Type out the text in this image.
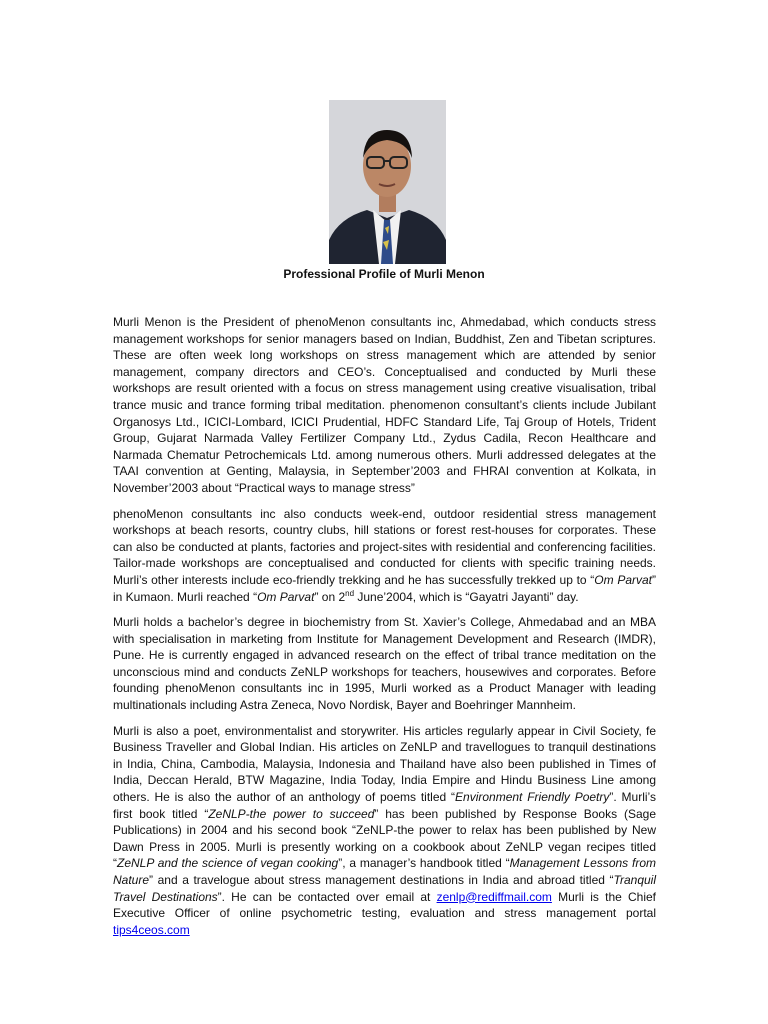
Professional Profile of Murli Menon

Murli Menon is the President of phenoMenon consultants inc, Ahmedabad, which conducts stress management workshops for senior managers based on Indian, Buddhist, Zen and Tibetan scriptures. These are often week long workshops on stress management which are attended by senior management, company directors and CEO’s. Conceptualised and conducted by Murli these workshops are result oriented with a focus on stress management using creative visualisation, tribal trance music and trance forming tribal meditation. phenomenon consultant’s clients include Jubilant Organosys Ltd., ICICI-Lombard, ICICI Prudential, HDFC Standard Life, Taj Group of Hotels, Trident Group, Gujarat Narmada Valley Fertilizer Company Ltd., Zydus Cadila, Recon Healthcare and Narmada Chematur Petrochemicals Ltd. among numerous others. Murli addressed delegates at the TAAI convention at Genting, Malaysia, in September’2003 and FHRAI convention at Kolkata, in November’2003 about “Practical ways to manage stress”

phenoMenon consultants inc also conducts week-end, outdoor residential stress management workshops at beach resorts, country clubs, hill stations or forest rest-houses for corporates. These can also be conducted at plants, factories and project-sites with residential and conferencing facilities. Tailor-made workshops are conceptualised and conducted for clients with specific training needs. Murli’s other interests include eco-friendly trekking and he has successfully trekked up to “Om Parvat” in Kumaon. Murli reached “Om Parvat” on 2nd June’2004, which is “Gayatri Jayanti” day.

Murli holds a bachelor’s degree in biochemistry from St. Xavier’s College, Ahmedabad and an MBA with specialisation in marketing from Institute for Management Development and Research (IMDR), Pune. He is currently engaged in advanced research on the effect of tribal trance meditation on the unconscious mind and conducts ZeNLP workshops for teachers, housewives and corporates. Before founding phenoMenon consultants inc in 1995, Murli worked as a Product Manager with leading multinationals including Astra Zeneca, Novo Nordisk, Bayer and Boehringer Mannheim.

Murli is also a poet, environmentalist and storywriter. His articles regularly appear in Civil Society, fe Business Traveller and Global Indian. His articles on ZeNLP and travellogues to tranquil destinations in India, China, Cambodia, Malaysia, Indonesia and Thailand have also been published in Times of India, Deccan Herald, BTW Magazine, India Today, India Empire and Hindu Business Line among others. He is also the author of an anthology of poems titled “Environment Friendly Poetry”. Murli’s first book titled “ZeNLP-the power to succeed” has been published by Response Books (Sage Publications) in 2004 and his second book “ZeNLP-the power to relax has been published by New Dawn Press in 2005. Murli is presently working on a cookbook about ZeNLP vegan recipes titled “ZeNLP and the science of vegan cooking”, a manager’s handbook titled “Management Lessons from Nature” and a travelogue about stress management destinations in India and abroad titled “Tranquil Travel Destinations”. He can be contacted over email at zenlp@rediffmail.com Murli is the Chief Executive Officer of online psychometric testing, evaluation and stress management portal tips4ceos.com
